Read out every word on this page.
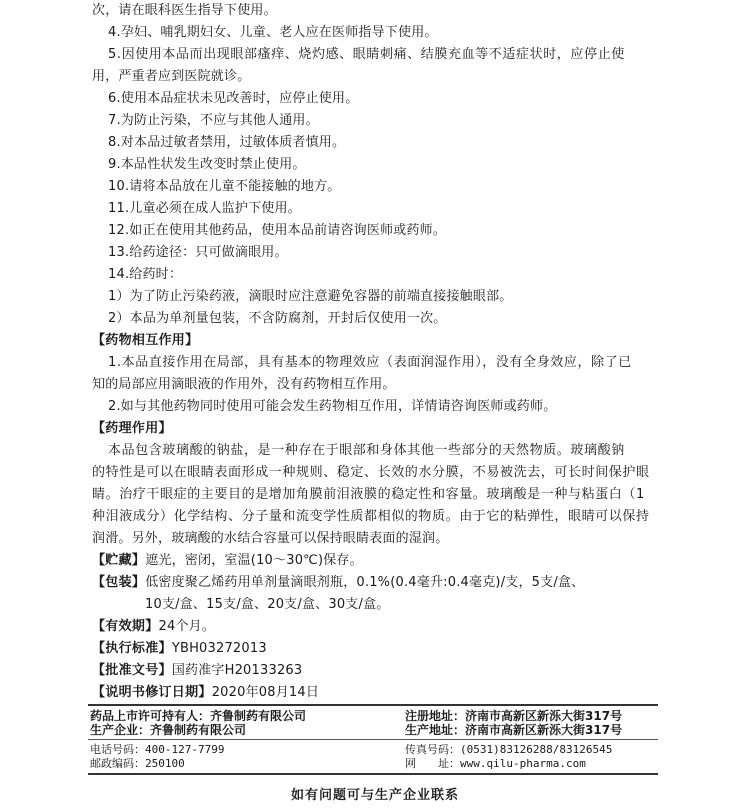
次，请在眼科医生指导下使用。
4.孕妇、哺乳期妇女、儿童、老人应在医师指导下使用。
5.因使用本品而出现眼部瘙痒、烧灼感、眼睛刺痛、结膜充血等不适症状时，应停止使
用，严重者应到医院就诊。
6.使用本品症状未见改善时，应停止使用。
7.为防止污染，不应与其他人通用。
8.对本品过敏者禁用，过敏体质者慎用。
9.本品性状发生改变时禁止使用。
10.请将本品放在儿童不能接触的地方。
11.儿童必须在成人监护下使用。
12.如正在使用其他药品，使用本品前请咨询医师或药师。
13.给药途径：只可做滴眼用。
14.给药时：
1）为了防止污染药液，滴眼时应注意避免容器的前端直接接触眼部。
2）本品为单剂量包装，不含防腐剂，开封后仅使用一次。
【药物相互作用】
1.本品直接作用在局部，具有基本的物理效应（表面润湿作用），没有全身效应，除了已
知的局部应用滴眼液的作用外，没有药物相互作用。
2.如与其他药物同时使用可能会发生药物相互作用，详情请咨询医师或药师。
【药理作用】
本品包含玻璃酸的钠盐，是一种存在于眼部和身体其他一些部分的天然物质。玻璃酸钠
的特性是可以在眼睛表面形成一种规则、稳定、长效的水分膜，不易被洗去，可长时间保护眼
睛。治疗干眼症的主要目的是增加角膜前泪液膜的稳定性和容量。玻璃酸是一种与粘蛋白（1
种泪液成分）化学结构、分子量和流变学性质都相似的物质。由于它的粘弹性，眼睛可以保持
润滑。另外，玻璃酸的水结合容量可以保持眼睛表面的湿润。
【贮藏】遮光，密闭，室温(10～30℃)保存。
【包装】低密度聚乙烯药用单剂量滴眼剂瓶，0.1%(0.4毫升:0.4毫克)/支，5支/盒、
10支/盒、15支/盒、20支/盒、30支/盒。
【有效期】24个月。
【执行标准】YBH03272013
【批准文号】国药准字H20133263
【说明书修订日期】2020年08月14日
药品上市许可持有人：齐鲁制药有限公司	注册地址：济南市高新区新泺大街317号
生产企业：齐鲁制药有限公司	生产地址：济南市高新区新泺大街317号
电话号码：400-127-7799	传真号码：(0531)83126288/83126545
邮政编码：250100	网　　址：www.qilu-pharma.com
如有问题可与生产企业联系
